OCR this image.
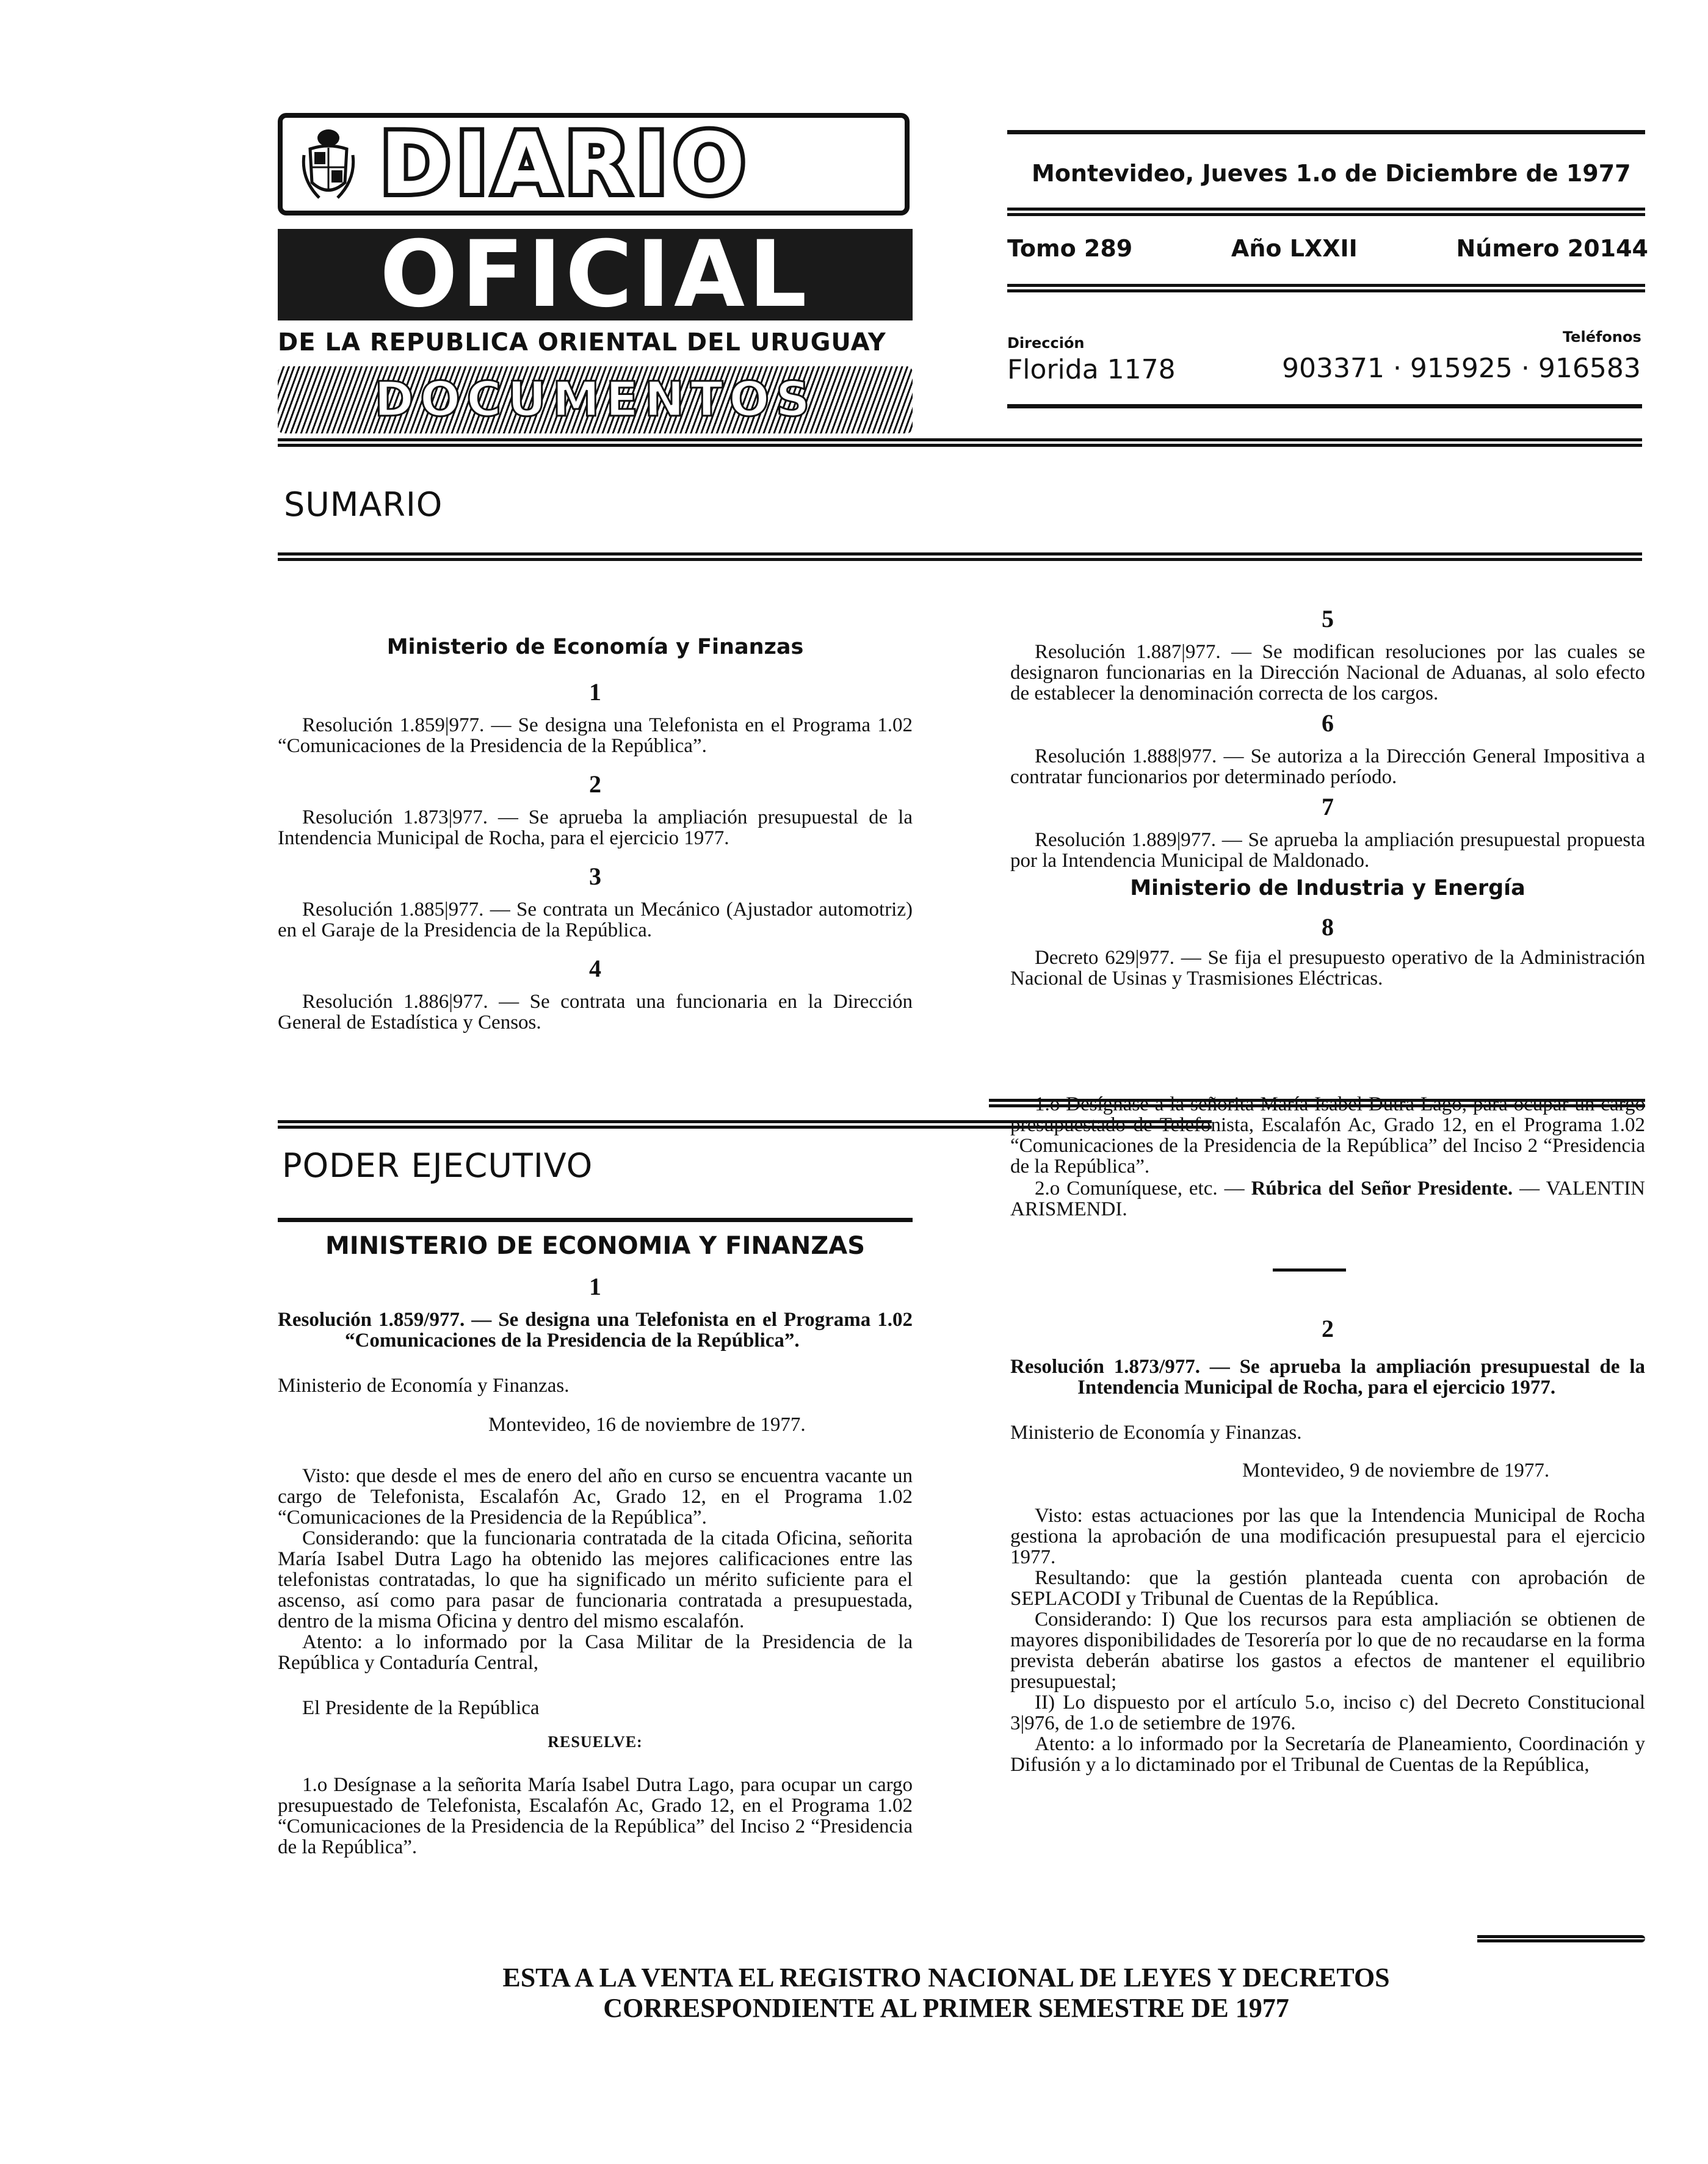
DIARIO
OFICIAL
DE LA REPUBLICA ORIENTAL DEL URUGUAY
DOCUMENTOS
Montevideo, Jueves 1.o de Diciembre de 1977
Tomo 289	Año LXXII	Número 20144
Dirección	Teléfonos
Florida 1178	903371 · 915925 · 916583
SUMARIO
Ministerio de Economía y Finanzas
1
Resolución 1.859|977. — Se designa una Telefonista en el Programa 1.02 “Comunicaciones de la Presidencia de la República”.
2
Resolución 1.873|977. — Se aprueba la ampliación presupuestal de la Intendencia Municipal de Rocha, para el ejercicio 1977.
3
Resolución 1.885|977. — Se contrata un Mecánico (Ajustador automotriz) en el Garaje de la Presidencia de la República.
4
Resolución 1.886|977. — Se contrata una funcionaria en la Dirección General de Estadística y Censos.
5
Resolución 1.887|977. — Se modifican resoluciones por las cuales se designaron funcionarias en la Dirección Nacional de Aduanas, al solo efecto de establecer la denominación correcta de los cargos.
6
Resolución 1.888|977. — Se autoriza a la Dirección General Impositiva a contratar funcionarios por determinado período.
7
Resolución 1.889|977. — Se aprueba la ampliación presupuestal propuesta por la Intendencia Municipal de Maldonado.
Ministerio de Industria y Energía
8
Decreto 629|977. — Se fija el presupuesto operativo de la Administración Nacional de Usinas y Trasmisiones Eléctricas.
PODER EJECUTIVO
MINISTERIO DE ECONOMIA Y FINANZAS
1
Resolución 1.859/977. — Se designa una Telefonista en el Programa 1.02 “Comunicaciones de la Presidencia de la República”.
Ministerio de Economía y Finanzas.
Montevideo, 16 de noviembre de 1977.
Visto: que desde el mes de enero del año en curso se encuentra vacante un cargo de Telefonista, Escalafón Ac, Grado 12, en el Programa 1.02 “Comunicaciones de la Presidencia de la República”.
Considerando: que la funcionaria contratada de la citada Oficina, señorita María Isabel Dutra Lago ha obtenido las mejores calificaciones entre las telefonistas contratadas, lo que ha significado un mérito suficiente para el ascenso, así como para pasar de funcionaria contratada a presupuestada, dentro de la misma Oficina y dentro del mismo escalafón.
Atento: a lo informado por la Casa Militar de la Presidencia de la República y Contaduría Central,
El Presidente de la República
RESUELVE:
1.o Desígnase a la señorita María Isabel Dutra Lago, para ocupar un cargo presupuestado de Telefonista, Escalafón Ac, Grado 12, en el Programa 1.02 “Comunicaciones de la Presidencia de la República” del Inciso 2 “Presidencia de la República”.
1.o Desígnase a la señorita María Isabel Dutra Lago, para ocupar un cargo presupuestado de Telefonista, Escalafón Ac, Grado 12, en el Programa 1.02 “Comunicaciones de la Presidencia de la República” del Inciso 2 “Presidencia de la República”.
2.o Comuníquese, etc. — Rúbrica del Señor Presidente. — VALENTIN ARISMENDI.
2
Resolución 1.873/977. — Se aprueba la ampliación presupuestal de la Intendencia Municipal de Rocha, para el ejercicio 1977.
Ministerio de Economía y Finanzas.
Montevideo, 9 de noviembre de 1977.
Visto: estas actuaciones por las que la Intendencia Municipal de Rocha gestiona la aprobación de una modificación presupuestal para el ejercicio 1977.
Resultando: que la gestión planteada cuenta con aprobación de SEPLACODI y Tribunal de Cuentas de la República.
Considerando: I) Que los recursos para esta ampliación se obtienen de mayores disponibilidades de Tesorería por lo que de no recaudarse en la forma prevista deberán abatirse los gastos a efectos de mantener el equilibrio presupuestal;
II) Lo dispuesto por el artículo 5.o, inciso c) del Decreto Constitucional 3|976, de 1.o de setiembre de 1976.
Atento: a lo informado por la Secretaría de Planeamiento, Coordinación y Difusión y a lo dictaminado por el Tribunal de Cuentas de la República,
ESTA A LA VENTA EL REGISTRO NACIONAL DE LEYES Y DECRETOS
CORRESPONDIENTE AL PRIMER SEMESTRE DE 1977
